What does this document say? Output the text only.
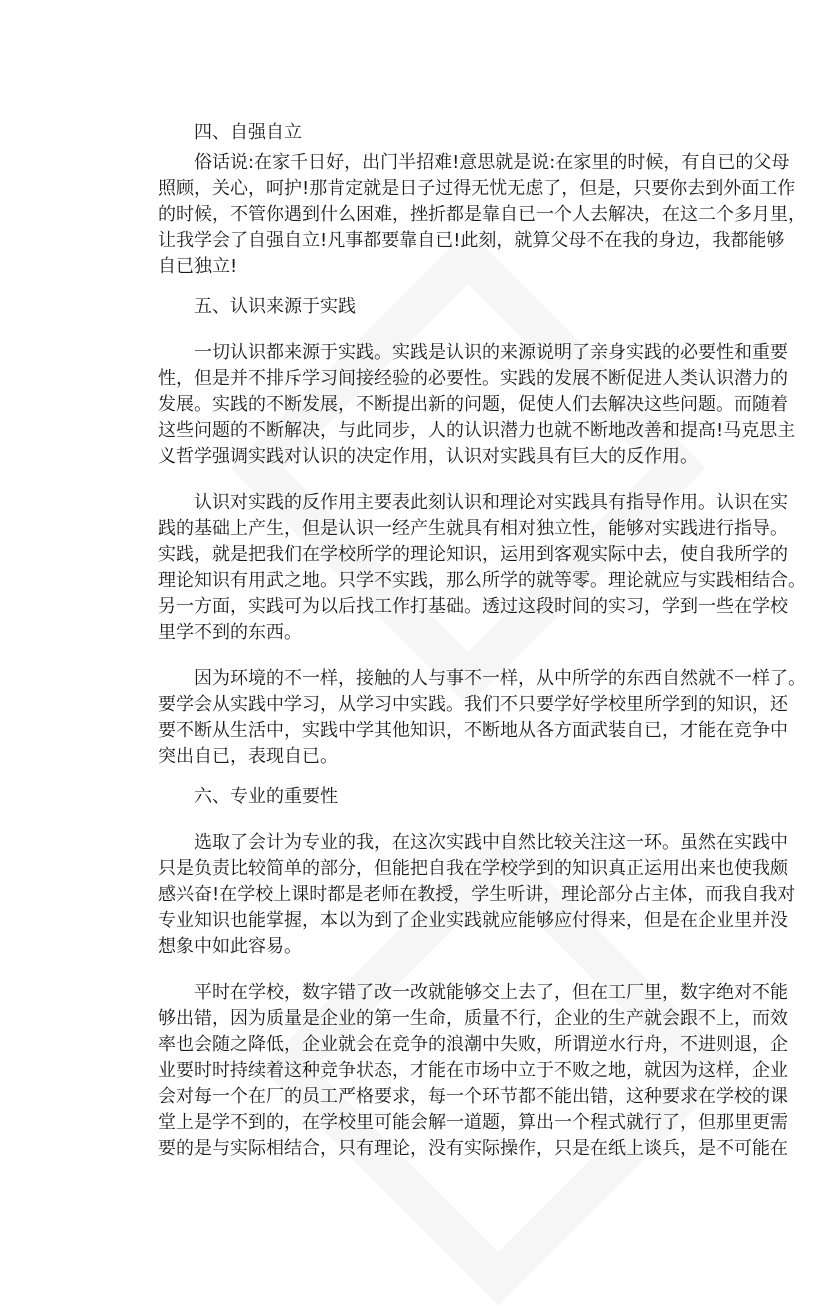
四、自强自立
俗话说:在家千日好，出门半招难!意思就是说:在家里的时候，有自已的父母
照顾，关心，呵护!那肯定就是日子过得无忧无虑了，但是，只要你去到外面工作
的时候，不管你遇到什么困难，挫折都是靠自已一个人去解决，在这二个多月里，
让我学会了自强自立!凡事都要靠自已!此刻，就算父母不在我的身边，我都能够
自已独立!
五、认识来源于实践
一切认识都来源于实践。实践是认识的来源说明了亲身实践的必要性和重要
性，但是并不排斥学习间接经验的必要性。实践的发展不断促进人类认识潜力的
发展。实践的不断发展，不断提出新的问题，促使人们去解决这些问题。而随着
这些问题的不断解决，与此同步，人的认识潜力也就不断地改善和提高!马克思主
义哲学强调实践对认识的决定作用，认识对实践具有巨大的反作用。
认识对实践的反作用主要表此刻认识和理论对实践具有指导作用。认识在实
践的基础上产生，但是认识一经产生就具有相对独立性，能够对实践进行指导。
实践，就是把我们在学校所学的理论知识，运用到客观实际中去，使自我所学的
理论知识有用武之地。只学不实践，那么所学的就等零。理论就应与实践相结合。
另一方面，实践可为以后找工作打基础。透过这段时间的实习，学到一些在学校
里学不到的东西。
因为环境的不一样，接触的人与事不一样，从中所学的东西自然就不一样了。
要学会从实践中学习，从学习中实践。我们不只要学好学校里所学到的知识，还
要不断从生活中，实践中学其他知识，不断地从各方面武装自已，才能在竞争中
突出自已，表现自已。
六、专业的重要性
选取了会计为专业的我，在这次实践中自然比较关注这一环。虽然在实践中
只是负责比较简单的部分，但能把自我在学校学到的知识真正运用出来也使我颇
感兴奋!在学校上课时都是老师在教授，学生听讲，理论部分占主体，而我自我对
专业知识也能掌握，本以为到了企业实践就应能够应付得来，但是在企业里并没
想象中如此容易。
平时在学校，数字错了改一改就能够交上去了，但在工厂里，数字绝对不能
够出错，因为质量是企业的第一生命，质量不行，企业的生产就会跟不上，而效
率也会随之降低，企业就会在竞争的浪潮中失败，所谓逆水行舟，不进则退，企
业要时时持续着这种竞争状态，才能在市场中立于不败之地，就因为这样，企业
会对每一个在厂的员工严格要求，每一个环节都不能出错，这种要求在学校的课
堂上是学不到的，在学校里可能会解一道题，算出一个程式就行了，但那里更需
要的是与实际相结合，只有理论，没有实际操作，只是在纸上谈兵，是不可能在
